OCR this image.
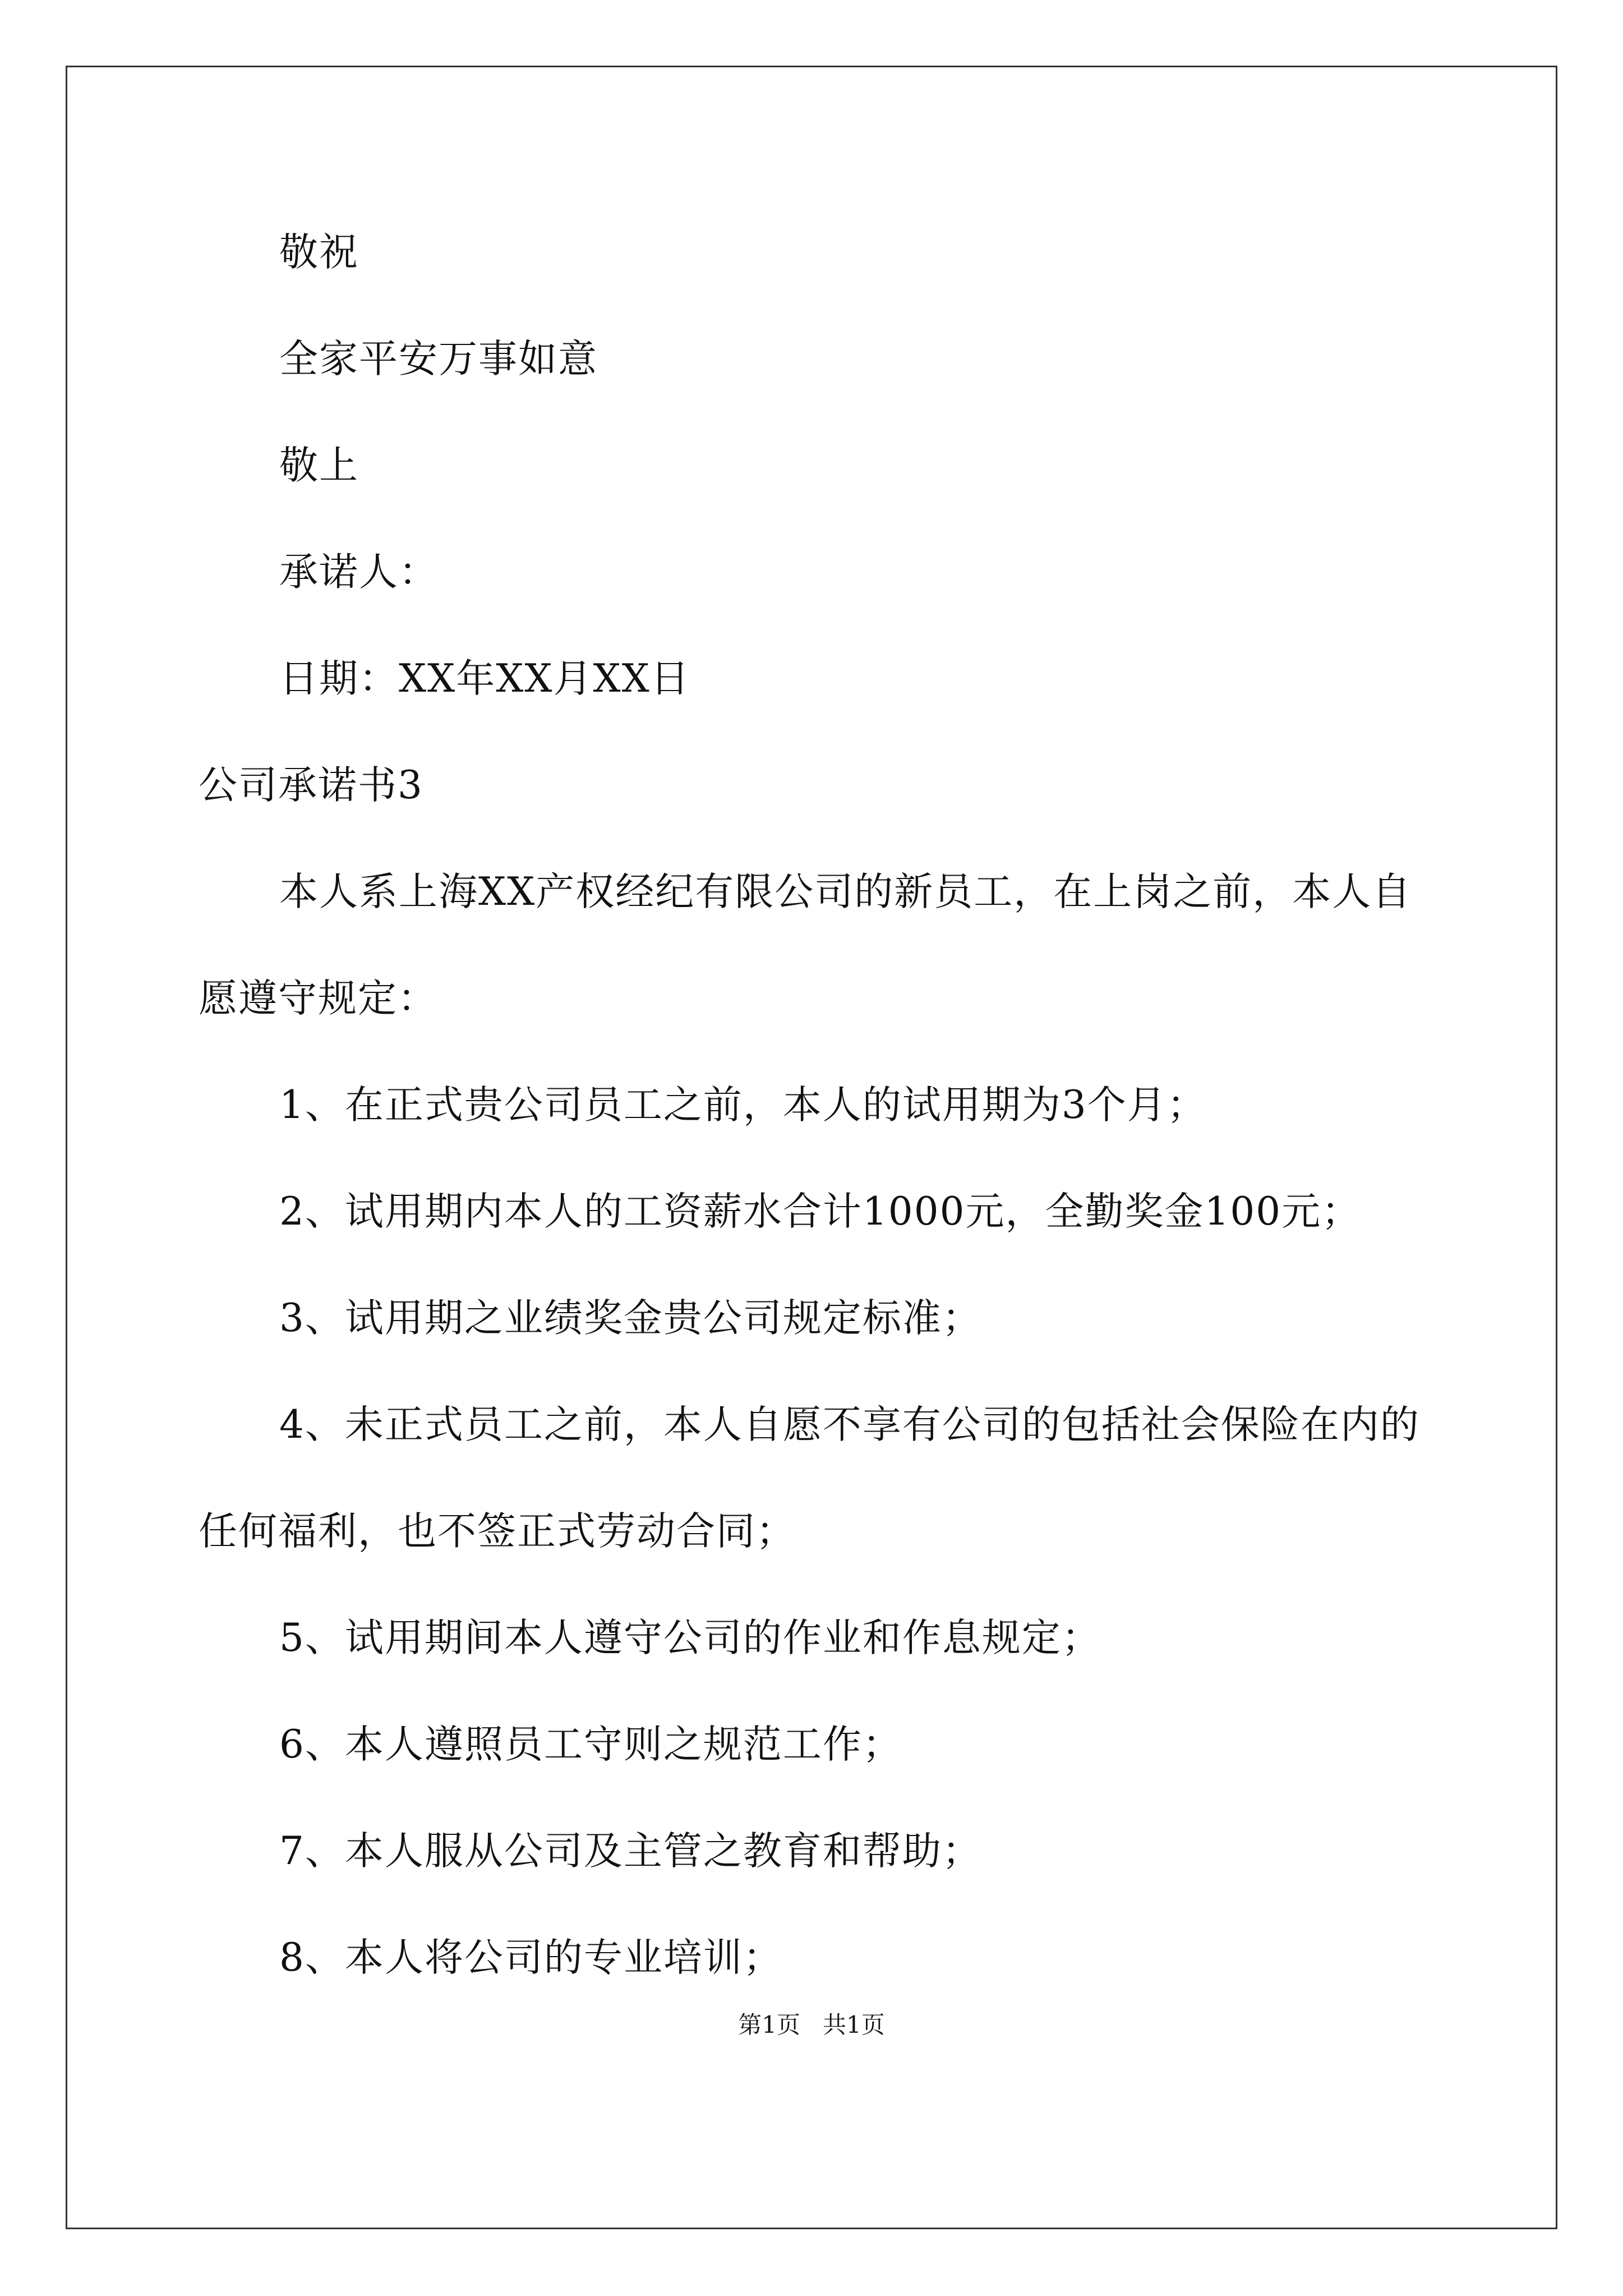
敬祝
全家平安万事如意
敬上
承诺人：
日期：XX年XX月XX日
公司承诺书3
本人系上海XX产权经纪有限公司的新员工，在上岗之前，本人自
愿遵守规定：
1、在正式贵公司员工之前，本人的试用期为3个月；
2、试用期内本人的工资薪水合计1000元，全勤奖金100元；
3、试用期之业绩奖金贵公司规定标准；
4、未正式员工之前，本人自愿不享有公司的包括社会保险在内的
任何福利，也不签正式劳动合同；
5、试用期间本人遵守公司的作业和作息规定；
6、本人遵照员工守则之规范工作；
7、本人服从公司及主管之教育和帮助；
8、本人将公司的专业培训；
第1页   共1页
